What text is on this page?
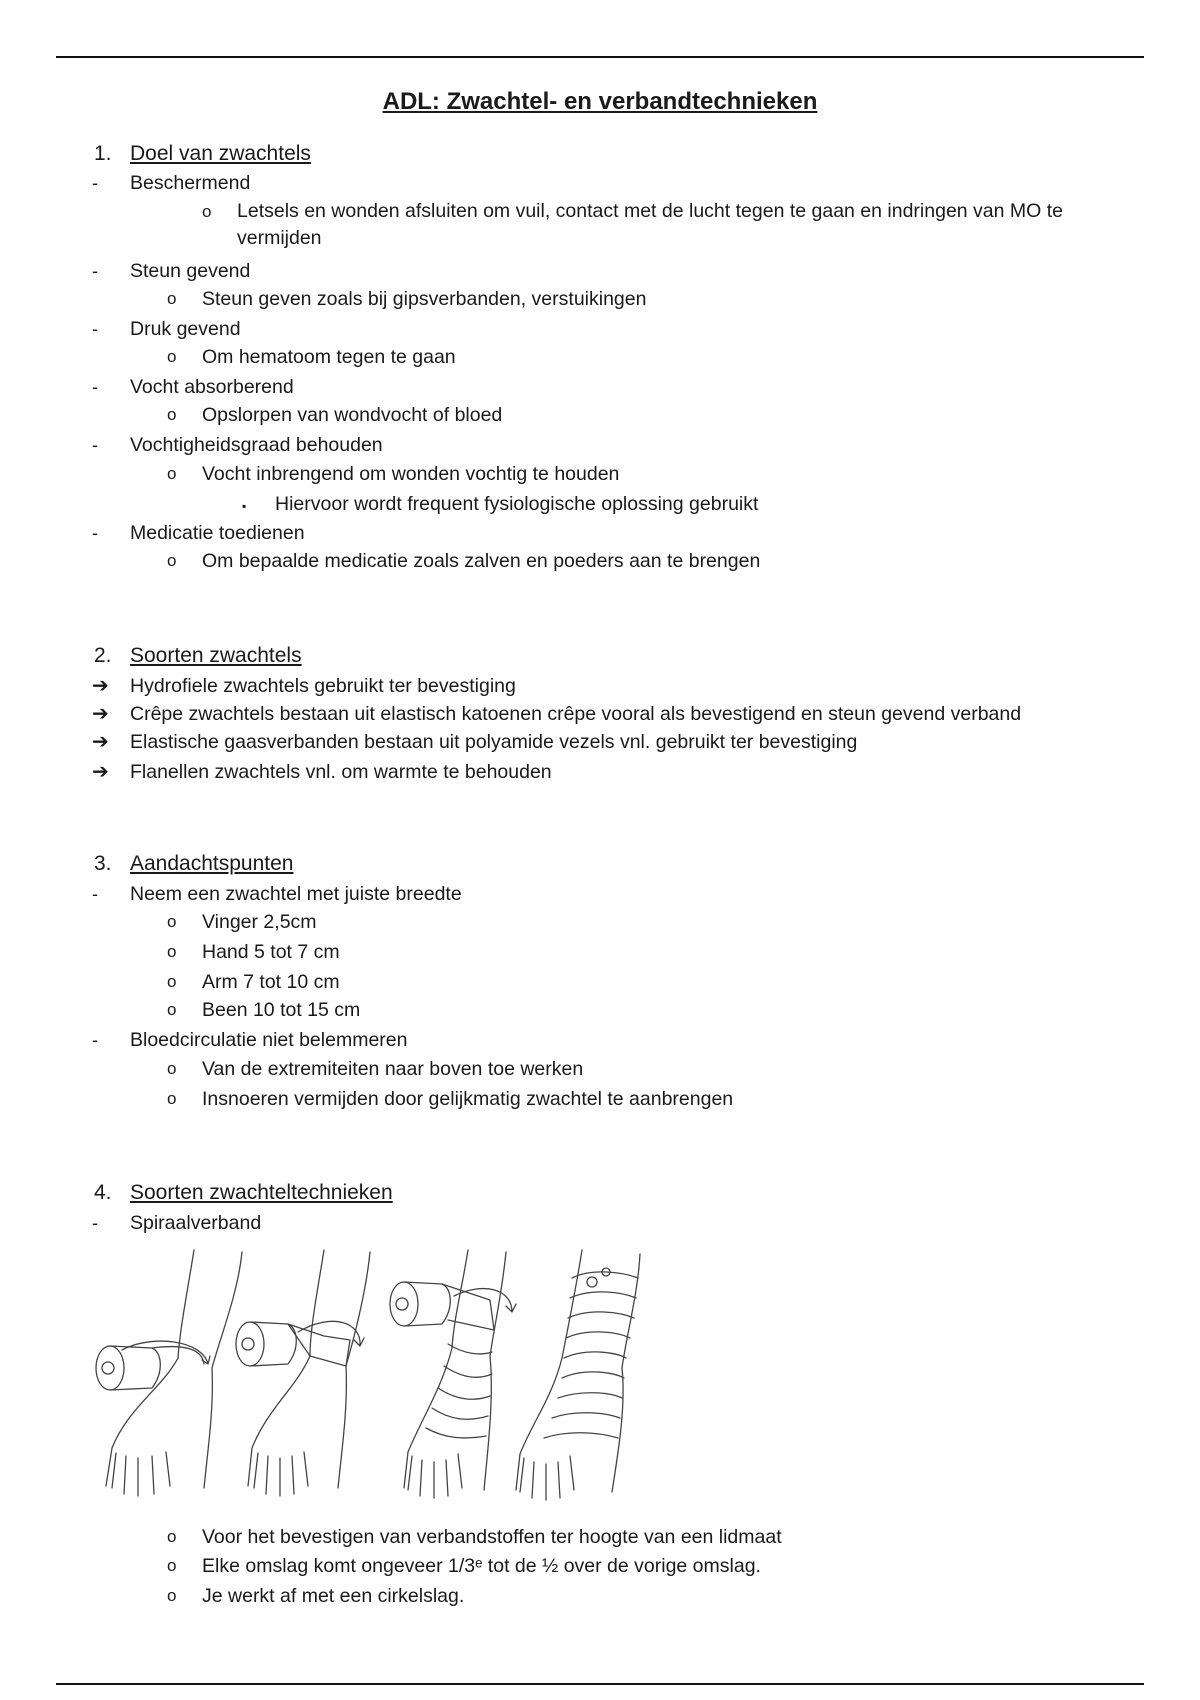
ADL: Zwachtel- en verbandtechnieken
1. Doel van zwachtels
- Beschermend
o Letsels en wonden afsluiten om vuil, contact met de lucht tegen te gaan en indringen van MO te vermijden
- Steun gevend
o Steun geven zoals bij gipsverbanden, verstuikingen
- Druk gevend
o Om hematoom tegen te gaan
- Vocht absorberend
o Opslorpen van wondvocht of bloed
- Vochtigheidsgraad behouden
o Vocht inbrengend om wonden vochtig te houden
▪ Hiervoor wordt frequent fysiologische oplossing gebruikt
- Medicatie toedienen
o Om bepaalde medicatie zoals zalven en poeders aan te brengen
2. Soorten zwachtels
➔ Hydrofiele zwachtels gebruikt ter bevestiging
➔ Crêpe zwachtels bestaan uit elastisch katoenen crêpe vooral als bevestigend en steun gevend verband
➔ Elastische gaasverbanden bestaan uit polyamide vezels vnl. gebruikt ter bevestiging
➔ Flanellen zwachtels vnl. om warmte te behouden
3. Aandachtspunten
- Neem een zwachtel met juiste breedte
o Vinger 2,5cm
o Hand 5 tot 7 cm
o Arm 7 tot 10 cm
o Been 10 tot 15 cm
- Bloedcirculatie niet belemmeren
o Van de extremiteiten naar boven toe werken
o Insnoeren vermijden door gelijkmatig zwachtel te aanbrengen
4. Soorten zwachteltechnieken
- Spiraalverband
o Voor het bevestigen van verbandstoffen ter hoogte van een lidmaat
o Elke omslag komt ongeveer 1/3ᵉ tot de ½ over de vorige omslag.
o Je werkt af met een cirkelslag.
